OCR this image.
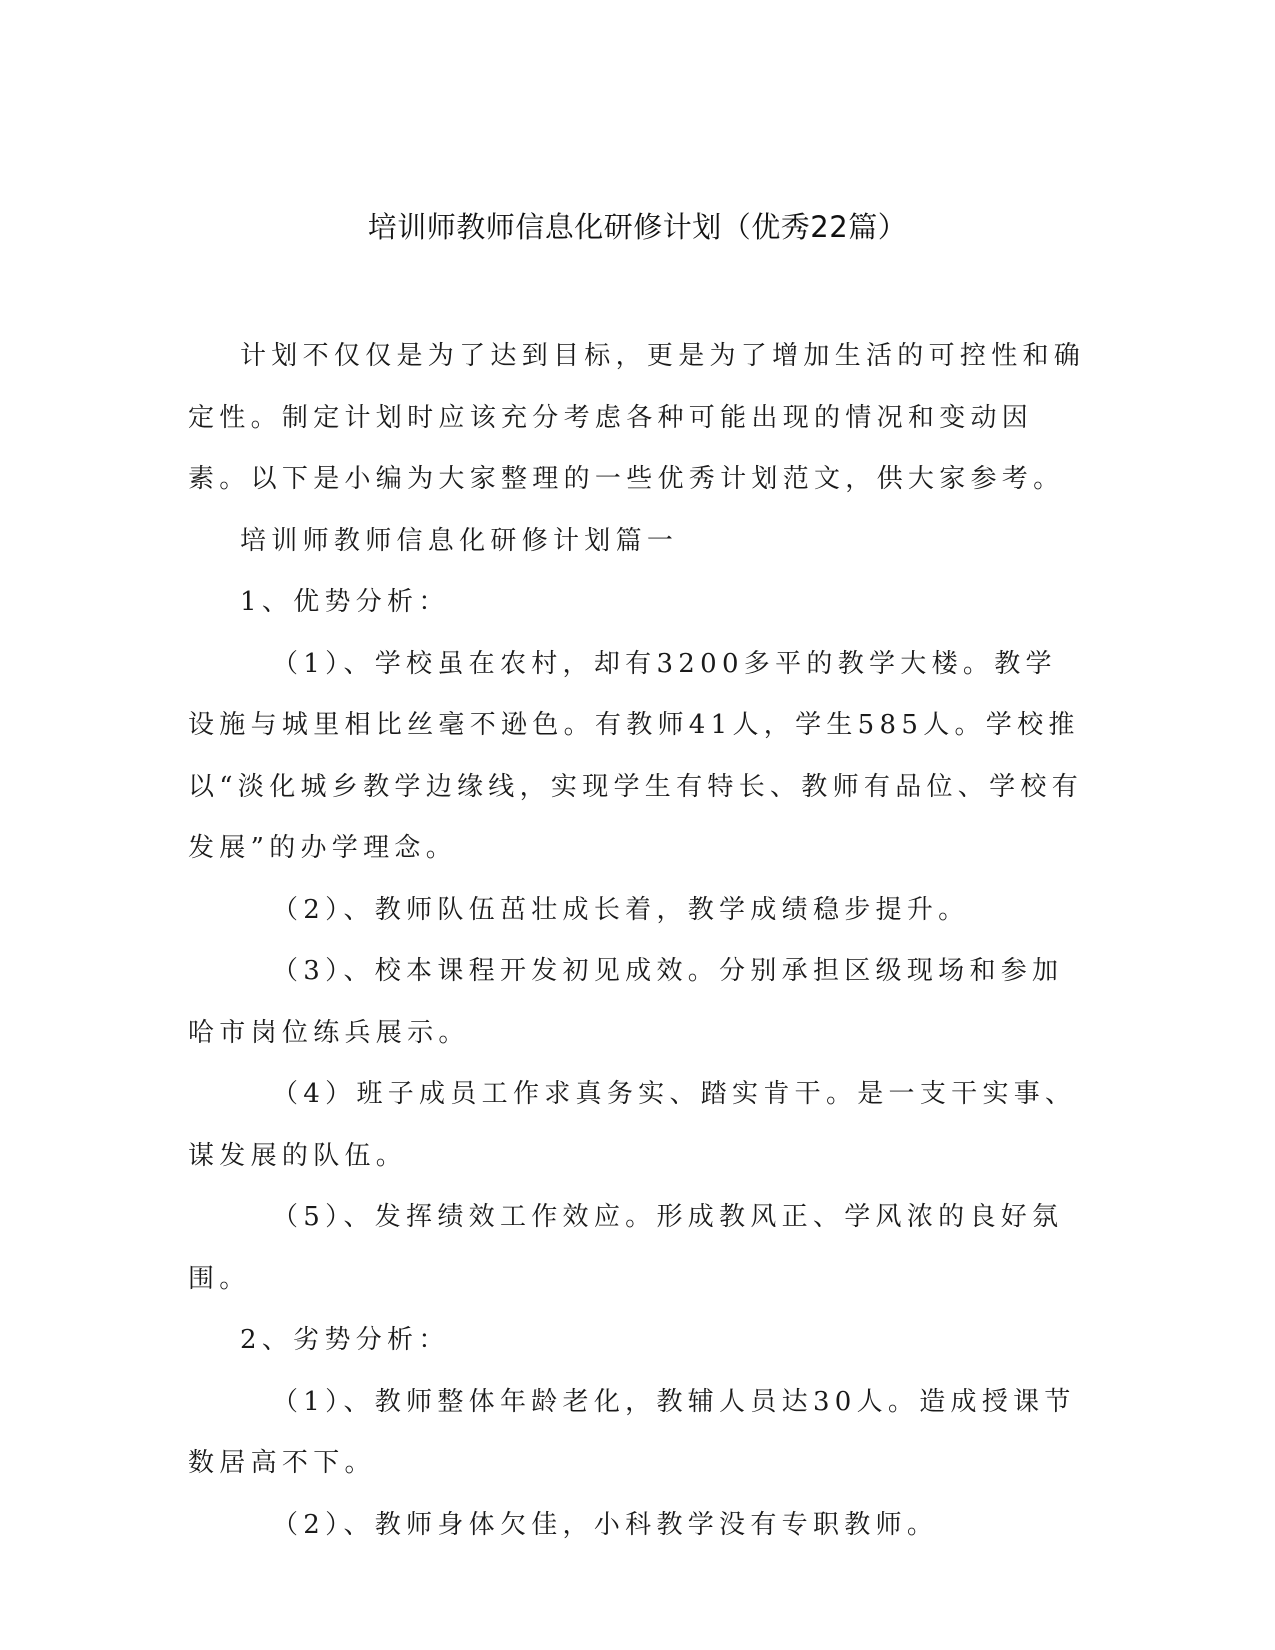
培训师教师信息化研修计划（优秀22篇）

计划不仅仅是为了达到目标，更是为了增加生活的可控性和确定性。制定计划时应该充分考虑各种可能出现的情况和变动因素。以下是小编为大家整理的一些优秀计划范文，供大家参考。

培训师教师信息化研修计划篇一

1、优势分析：

（1）、学校虽在农村，却有3200多平的教学大楼。教学设施与城里相比丝毫不逊色。有教师41人，学生585人。学校推以“淡化城乡教学边缘线，实现学生有特长、教师有品位、学校有发展”的办学理念。

（2）、教师队伍茁壮成长着，教学成绩稳步提升。

（3）、校本课程开发初见成效。分别承担区级现场和参加哈市岗位练兵展示。

（4）班子成员工作求真务实、踏实肯干。是一支干实事、谋发展的队伍。

（5）、发挥绩效工作效应。形成教风正、学风浓的良好氛围。

2、劣势分析：

（1）、教师整体年龄老化，教辅人员达30人。造成授课节数居高不下。

（2）、教师身体欠佳，小科教学没有专职教师。
